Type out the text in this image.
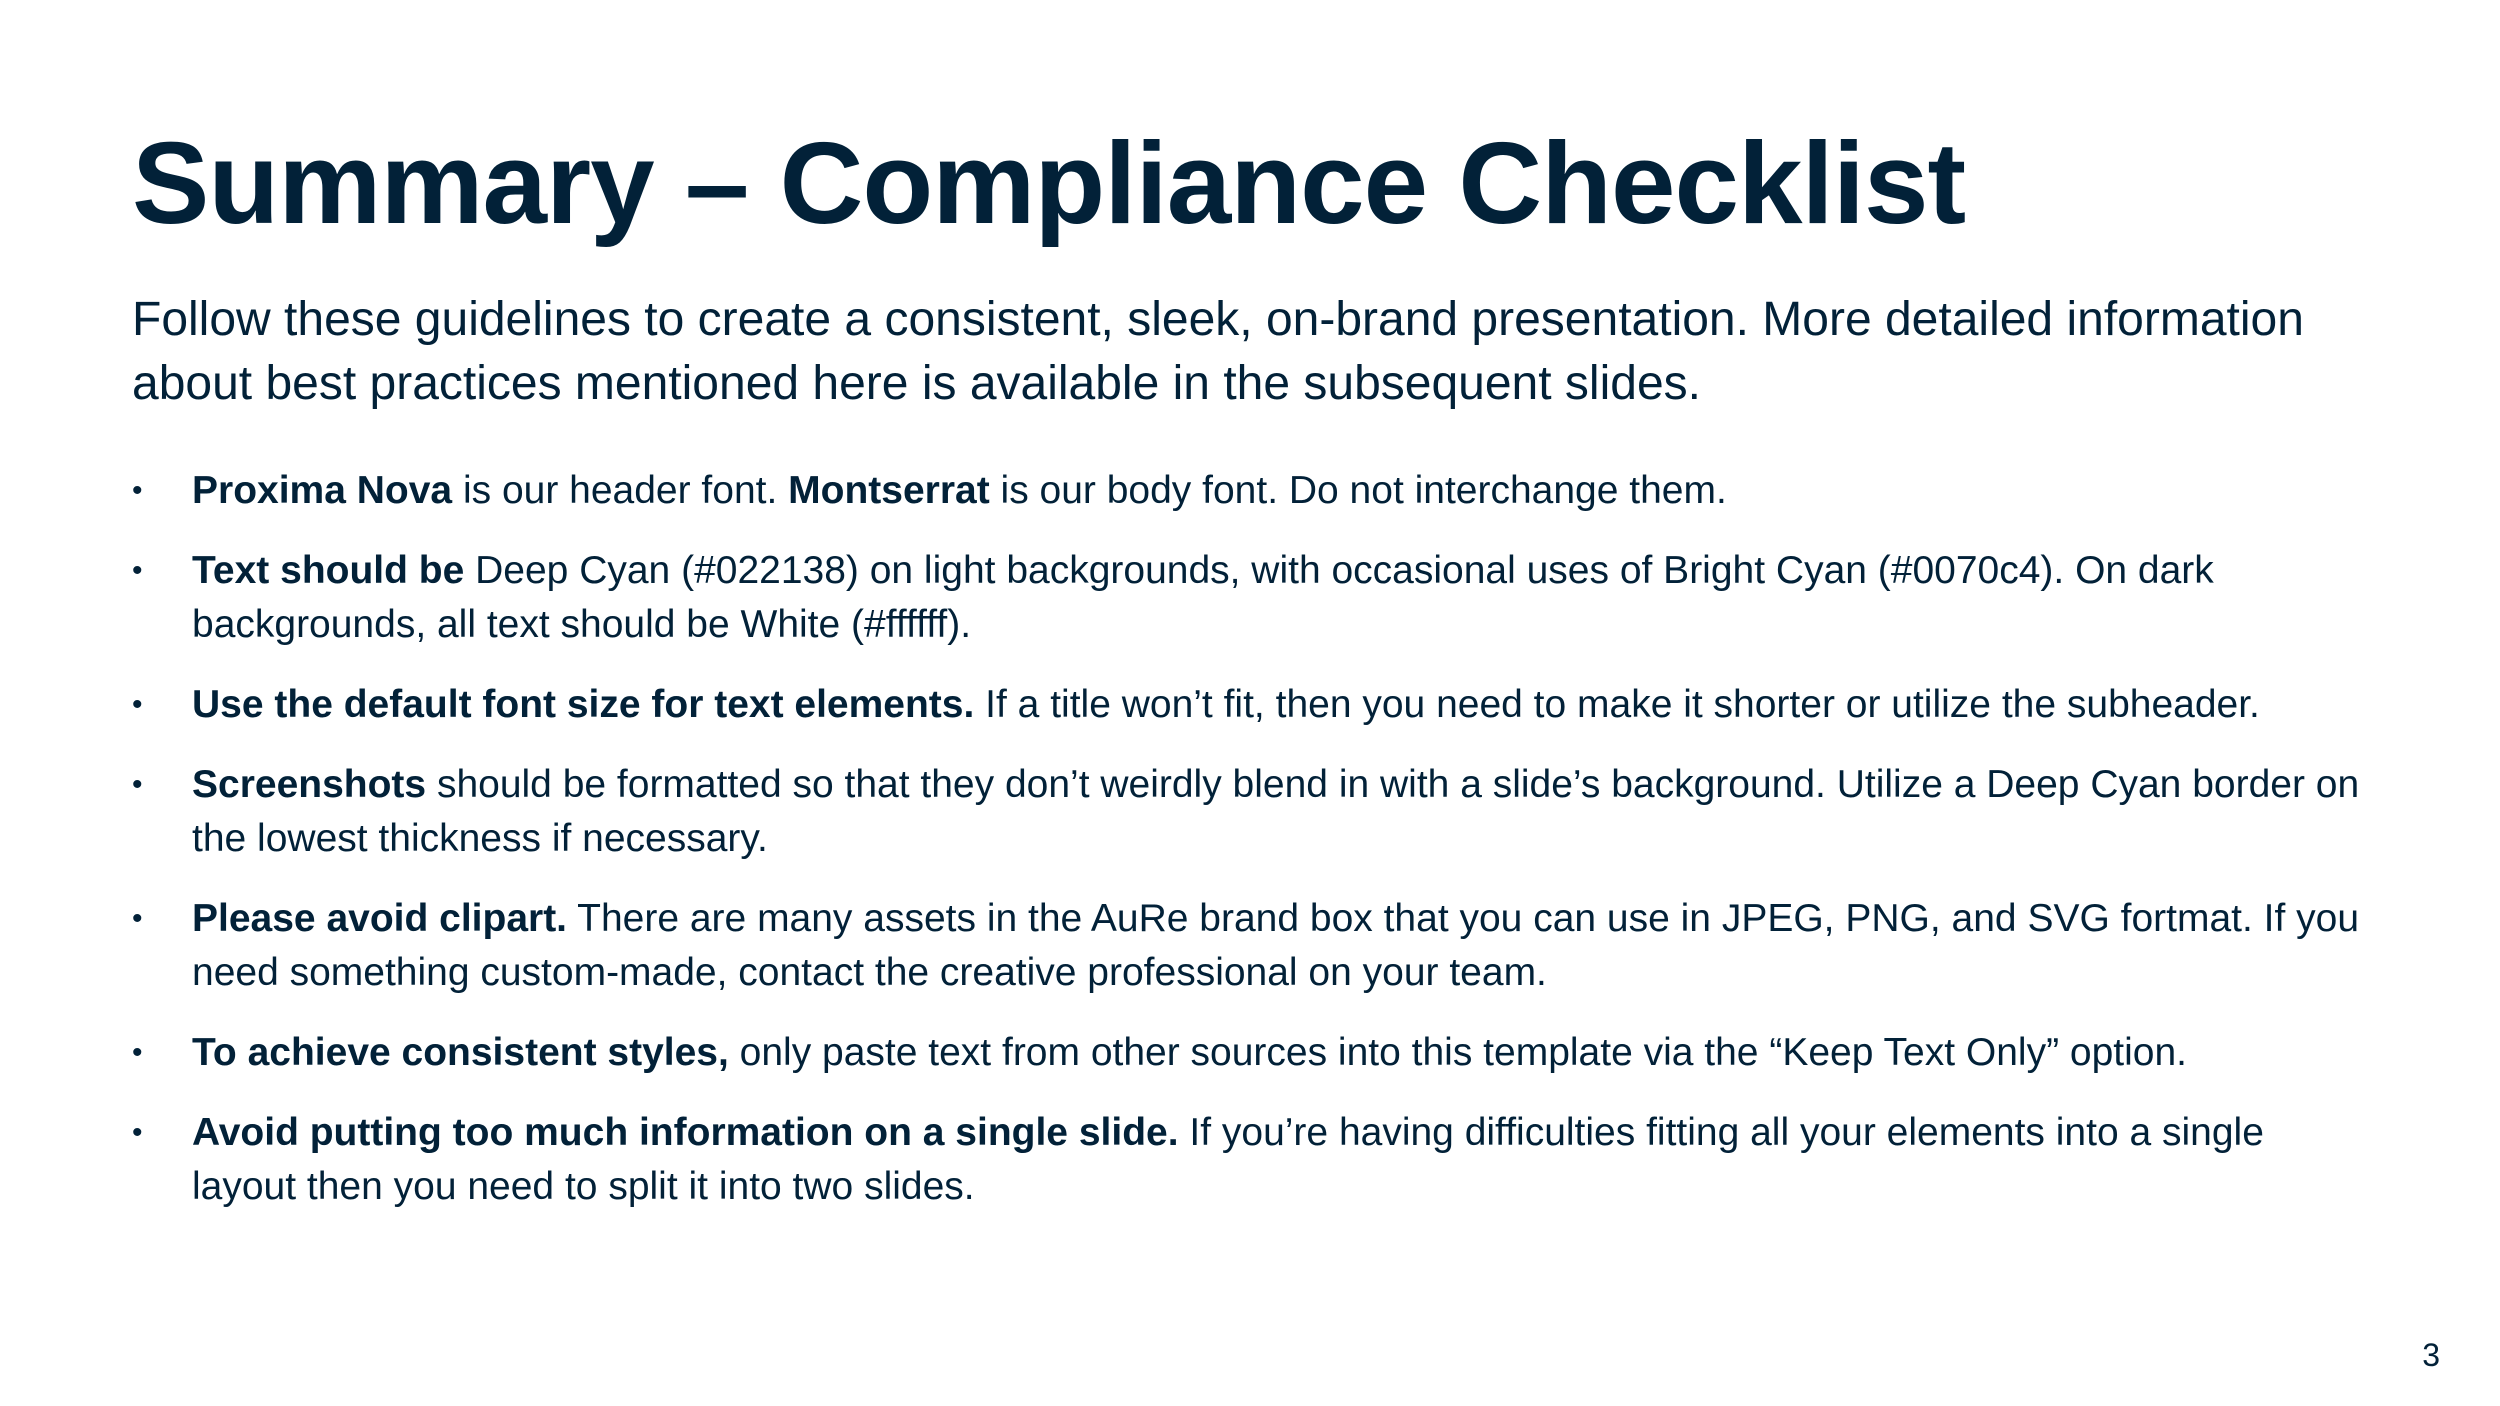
Summary – Compliance Checklist

Follow these guidelines to create a consistent, sleek, on-brand presentation. More detailed information about best practices mentioned here is available in the subsequent slides.

•	Proxima Nova is our header font. Montserrat is our body font. Do not interchange them.
•	Text should be Deep Cyan (#022138) on light backgrounds, with occasional uses of Bright Cyan (#0070c4). On dark backgrounds, all text should be White (#ffffff).
•	Use the default font size for text elements. If a title won’t fit, then you need to make it shorter or utilize the subheader.
•	Screenshots should be formatted so that they don’t weirdly blend in with a slide’s background. Utilize a Deep Cyan border on the lowest thickness if necessary.
•	Please avoid clipart. There are many assets in the AuRe brand box that you can use in JPEG, PNG, and SVG fortmat. If you need something custom-made, contact the creative professional on your team.
•	To achieve consistent styles, only paste text from other sources into this template via the “Keep Text Only” option.
•	Avoid putting too much information on a single slide. If you’re having difficulties fitting all your elements into a single layout then you need to split it into two slides.
3
